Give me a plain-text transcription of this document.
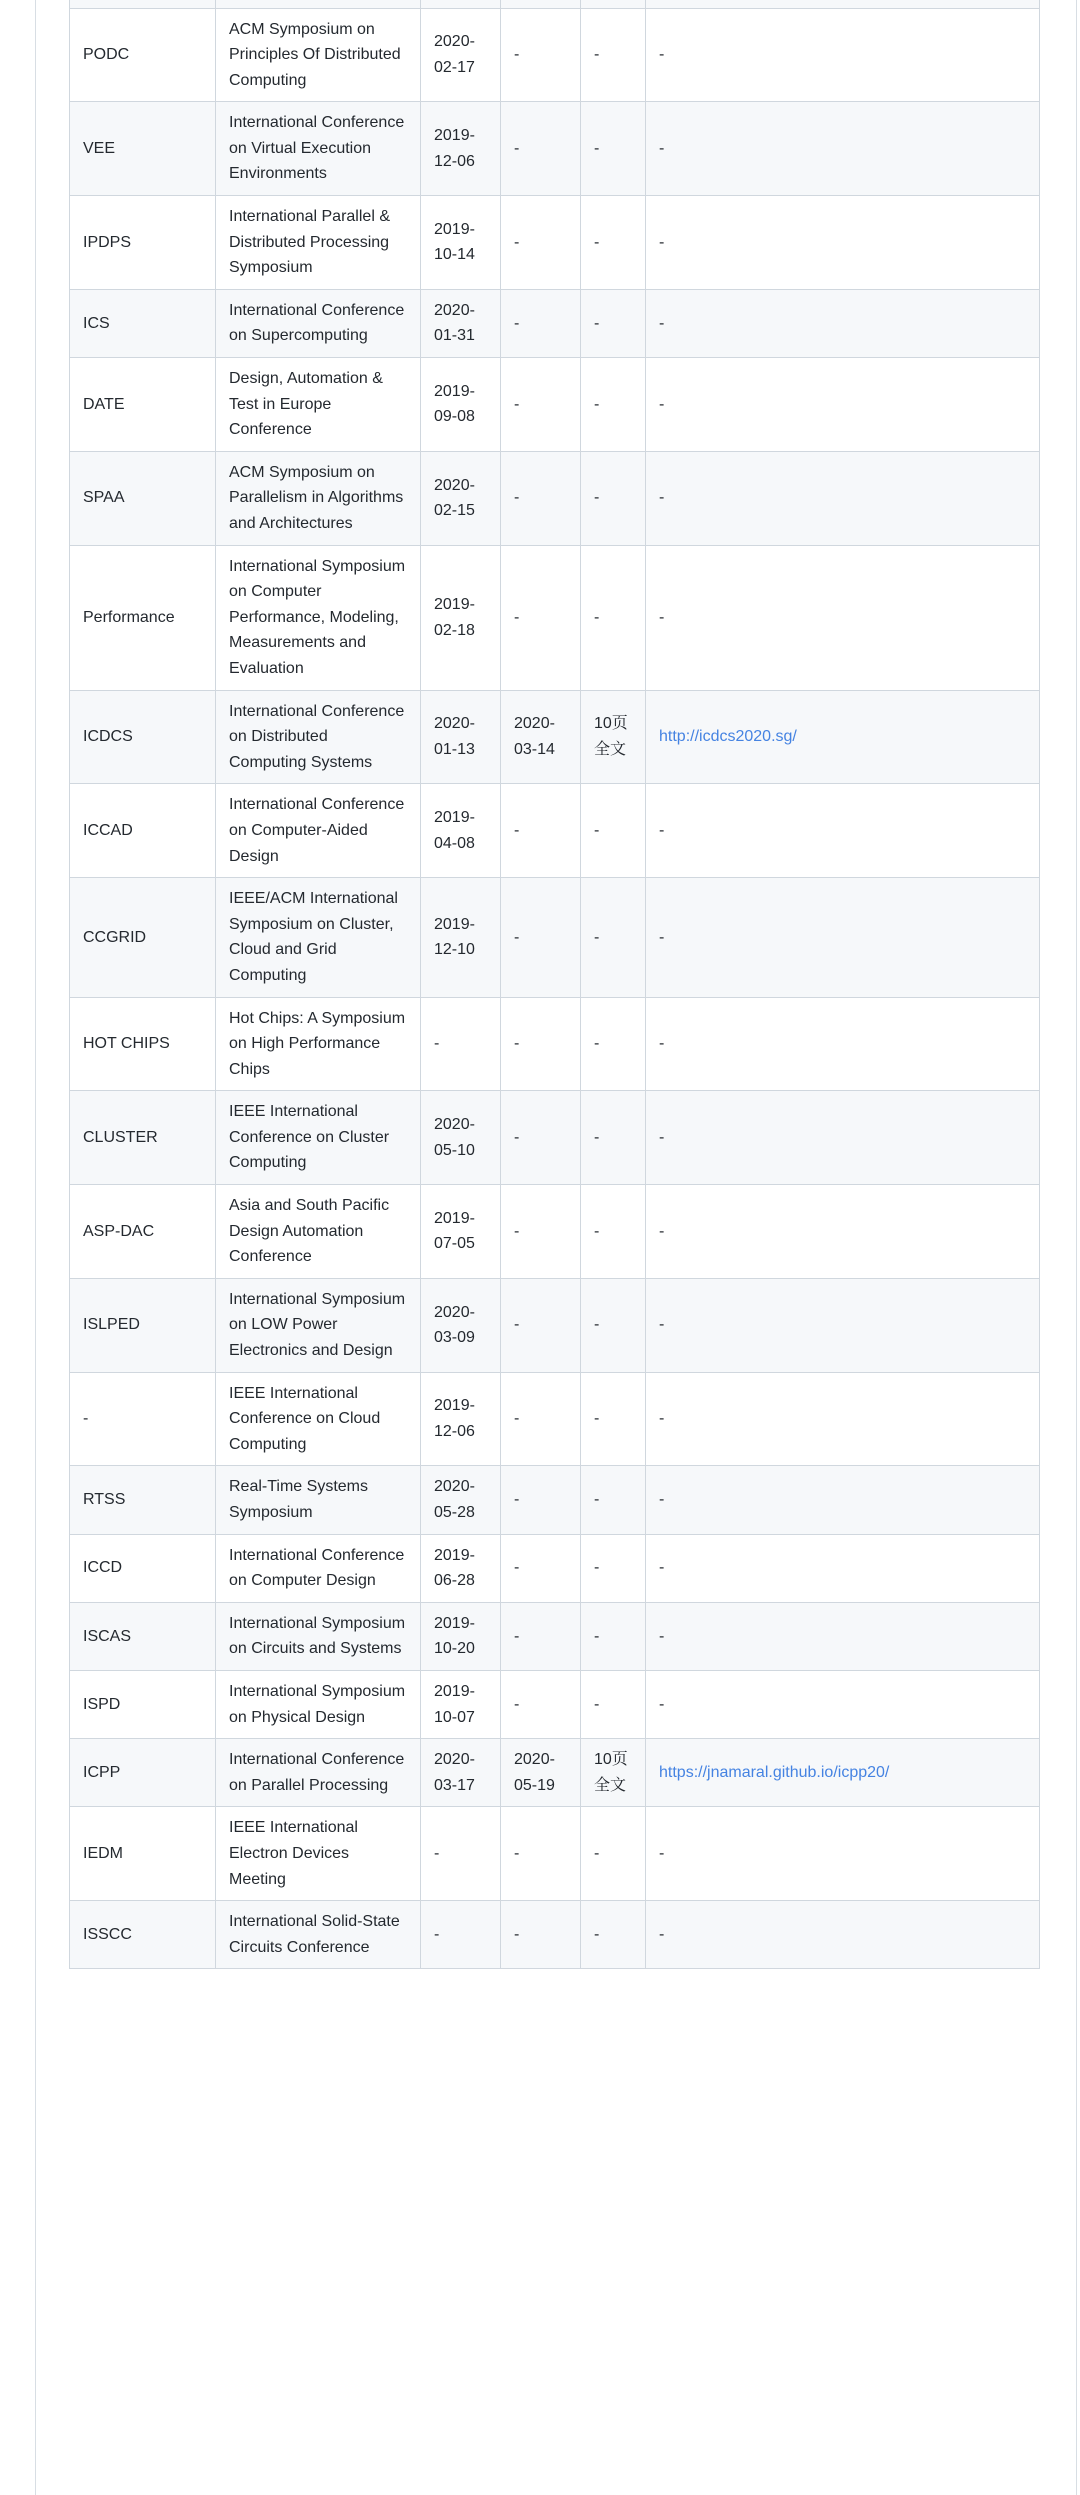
PODC	ACM Symposium on Principles Of Distributed Computing	2020-02-17	-	-	-
VEE	International Conference on Virtual Execution Environments	2019-12-06	-	-	-
IPDPS	International Parallel & Distributed Processing Symposium	2019-10-14	-	-	-
ICS	International Conference on Supercomputing	2020-01-31	-	-	-
DATE	Design, Automation & Test in Europe Conference	2019-09-08	-	-	-
SPAA	ACM Symposium on Parallelism in Algorithms and Architectures	2020-02-15	-	-	-
Performance	International Symposium on Computer Performance, Modeling, Measurements and Evaluation	2019-02-18	-	-	-
ICDCS	International Conference on Distributed Computing Systems	2020-01-13	2020-03-14	10页全文	http://icdcs2020.sg/
ICCAD	International Conference on Computer-Aided Design	2019-04-08	-	-	-
CCGRID	IEEE/ACM International Symposium on Cluster, Cloud and Grid Computing	2019-12-10	-	-	-
HOT CHIPS	Hot Chips: A Symposium on High Performance Chips	-	-	-	-
CLUSTER	IEEE International Conference on Cluster Computing	2020-05-10	-	-	-
ASP-DAC	Asia and South Pacific Design Automation Conference	2019-07-05	-	-	-
ISLPED	International Symposium on LOW Power Electronics and Design	2020-03-09	-	-	-
-	IEEE International Conference on Cloud Computing	2019-12-06	-	-	-
RTSS	Real-Time Systems Symposium	2020-05-28	-	-	-
ICCD	International Conference on Computer Design	2019-06-28	-	-	-
ISCAS	International Symposium on Circuits and Systems	2019-10-20	-	-	-
ISPD	International Symposium on Physical Design	2019-10-07	-	-	-
ICPP	International Conference on Parallel Processing	2020-03-17	2020-05-19	10页全文	https://jnamaral.github.io/icpp20/
IEDM	IEEE International Electron Devices Meeting	-	-	-	-
ISSCC	International Solid-State Circuits Conference	-	-	-	-
